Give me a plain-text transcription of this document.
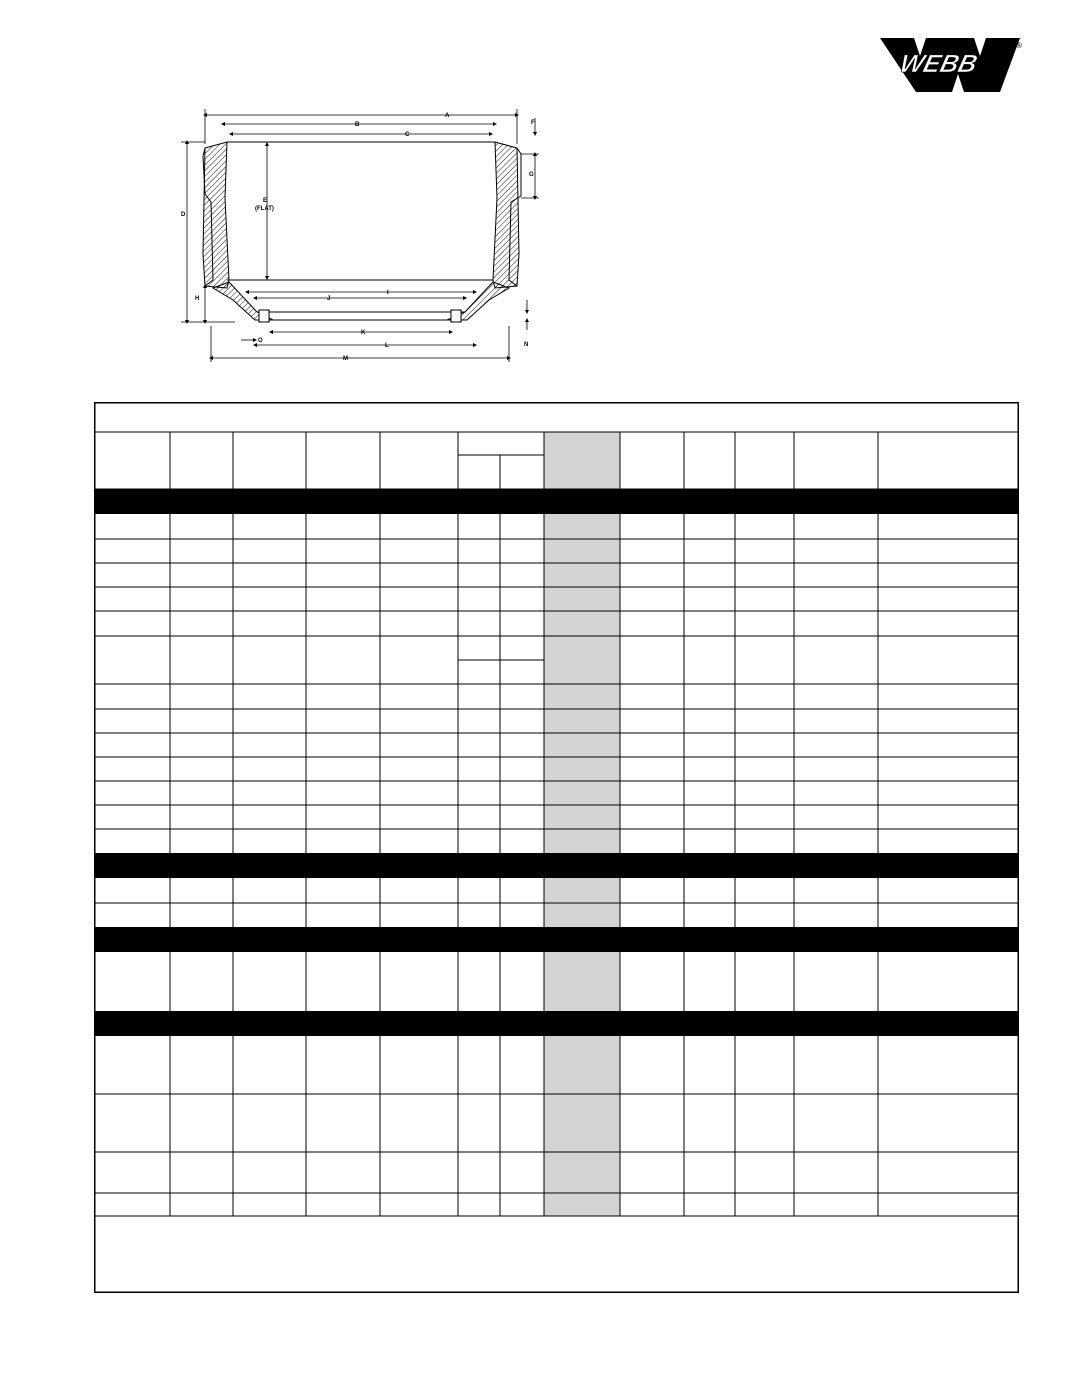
WEBB
®
A
B
C
D
E
(FLAT)
F
G
H
I
J
K
L
M
N
O
